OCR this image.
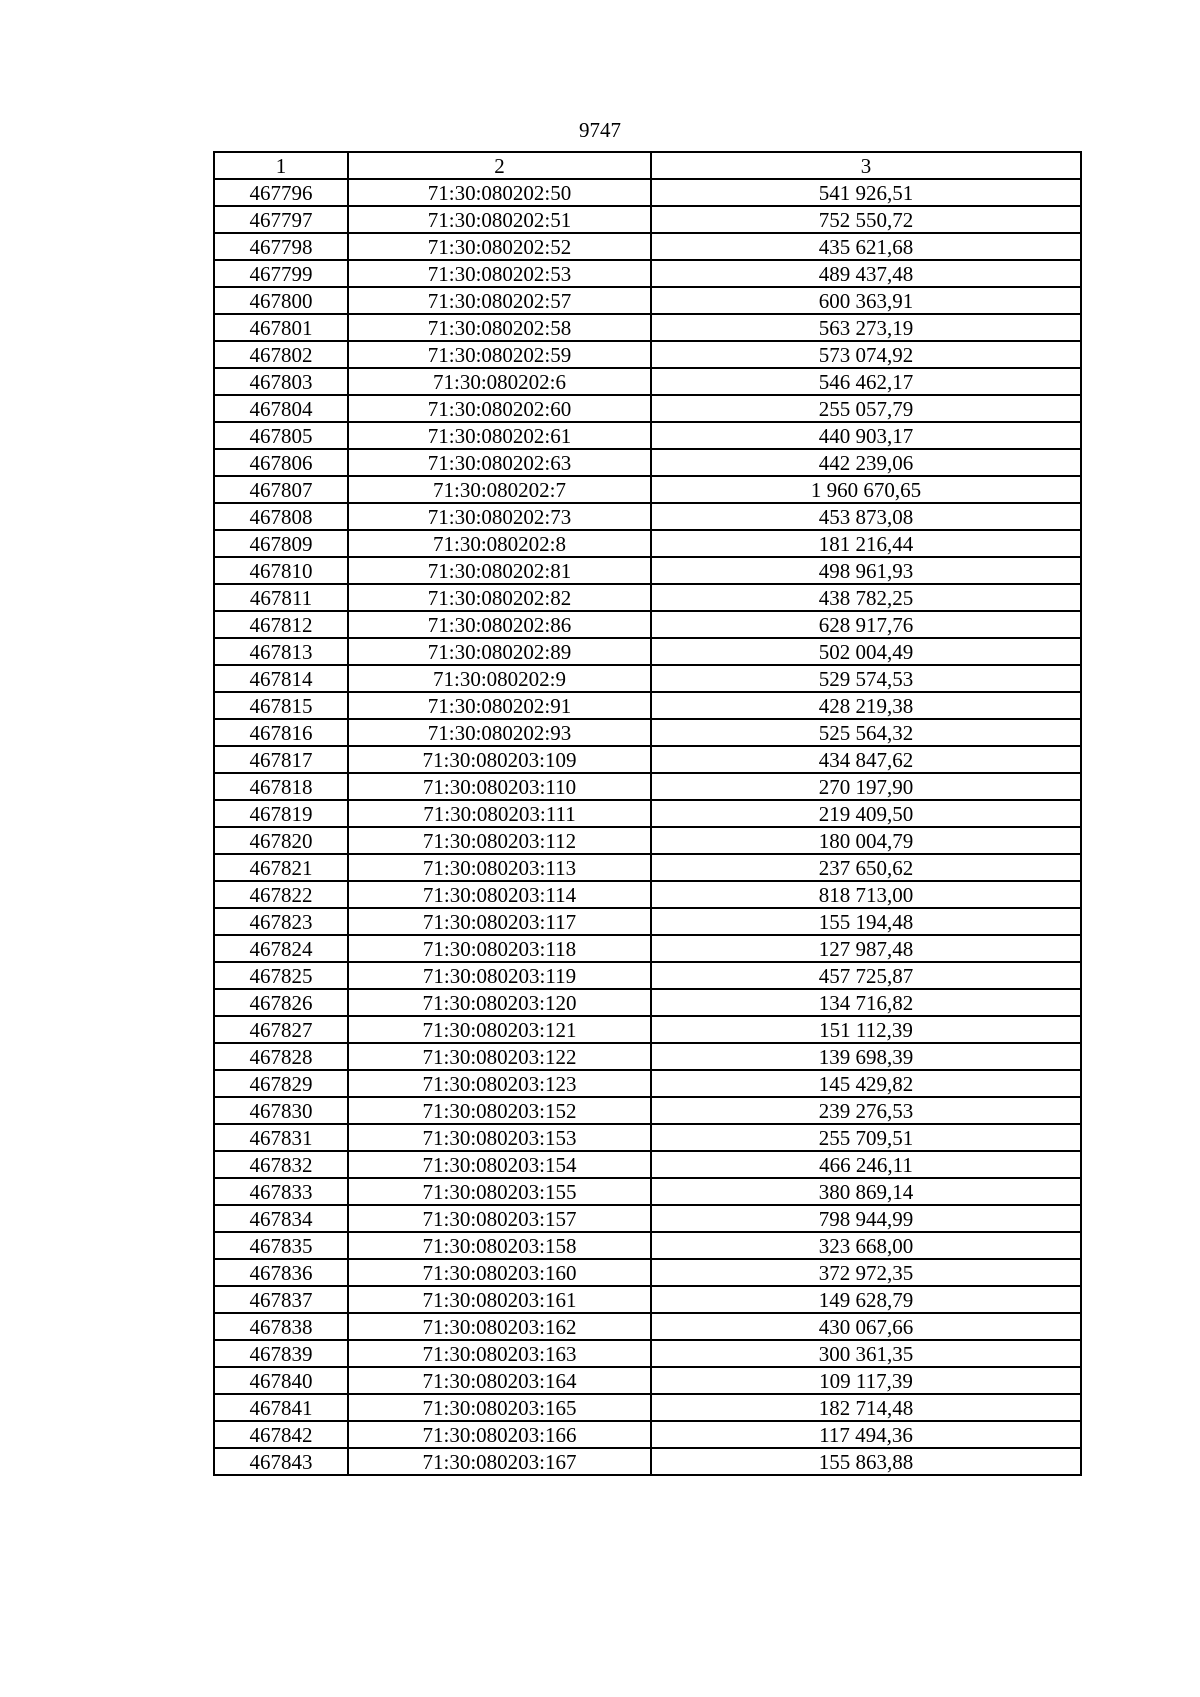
9747
1	2	3
467796	71:30:080202:50	541 926,51
467797	71:30:080202:51	752 550,72
467798	71:30:080202:52	435 621,68
467799	71:30:080202:53	489 437,48
467800	71:30:080202:57	600 363,91
467801	71:30:080202:58	563 273,19
467802	71:30:080202:59	573 074,92
467803	71:30:080202:6	546 462,17
467804	71:30:080202:60	255 057,79
467805	71:30:080202:61	440 903,17
467806	71:30:080202:63	442 239,06
467807	71:30:080202:7	1 960 670,65
467808	71:30:080202:73	453 873,08
467809	71:30:080202:8	181 216,44
467810	71:30:080202:81	498 961,93
467811	71:30:080202:82	438 782,25
467812	71:30:080202:86	628 917,76
467813	71:30:080202:89	502 004,49
467814	71:30:080202:9	529 574,53
467815	71:30:080202:91	428 219,38
467816	71:30:080202:93	525 564,32
467817	71:30:080203:109	434 847,62
467818	71:30:080203:110	270 197,90
467819	71:30:080203:111	219 409,50
467820	71:30:080203:112	180 004,79
467821	71:30:080203:113	237 650,62
467822	71:30:080203:114	818 713,00
467823	71:30:080203:117	155 194,48
467824	71:30:080203:118	127 987,48
467825	71:30:080203:119	457 725,87
467826	71:30:080203:120	134 716,82
467827	71:30:080203:121	151 112,39
467828	71:30:080203:122	139 698,39
467829	71:30:080203:123	145 429,82
467830	71:30:080203:152	239 276,53
467831	71:30:080203:153	255 709,51
467832	71:30:080203:154	466 246,11
467833	71:30:080203:155	380 869,14
467834	71:30:080203:157	798 944,99
467835	71:30:080203:158	323 668,00
467836	71:30:080203:160	372 972,35
467837	71:30:080203:161	149 628,79
467838	71:30:080203:162	430 067,66
467839	71:30:080203:163	300 361,35
467840	71:30:080203:164	109 117,39
467841	71:30:080203:165	182 714,48
467842	71:30:080203:166	117 494,36
467843	71:30:080203:167	155 863,88
